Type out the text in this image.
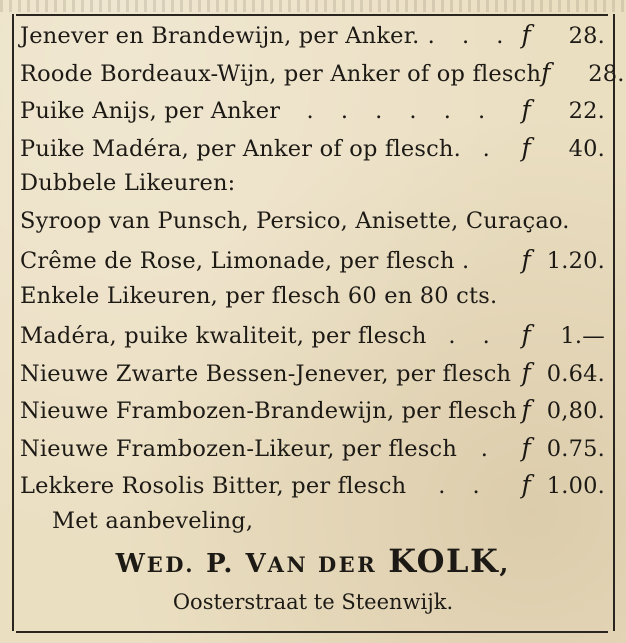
Jenever en Brandewijn, per Anker. . . . f	28.
Roode Bordeaux-Wijn, per Anker of op flesch f	28.
Puike Anijs, per Anker	. . . . . .	f	22.
Puike Madéra, per Anker of op flesch. . f	40.
Dubbele Likeuren:
Syroop van Punsch, Persico, Anisette, Curaçao.
Crême de Rose, Limonade, per flesch . f 1.20.
Enkele Likeuren, per flesch 60 en 80 cts.
Madéra, puike kwaliteit, per flesch . . f	1.—
Nieuwe Zwarte Bessen-Jenever, per flesch f 0.64.
Nieuwe Frambozen-Brandewijn, per flesch f 0,80.
Nieuwe Frambozen-Likeur, per flesch	. f 0.75.
Lekkere Rosolis Bitter, per flesch	. .	f 1.00.
Met aanbeveling,
WED. P. VAN DER KOLK,
Oosterstraat te Steenwijk.
